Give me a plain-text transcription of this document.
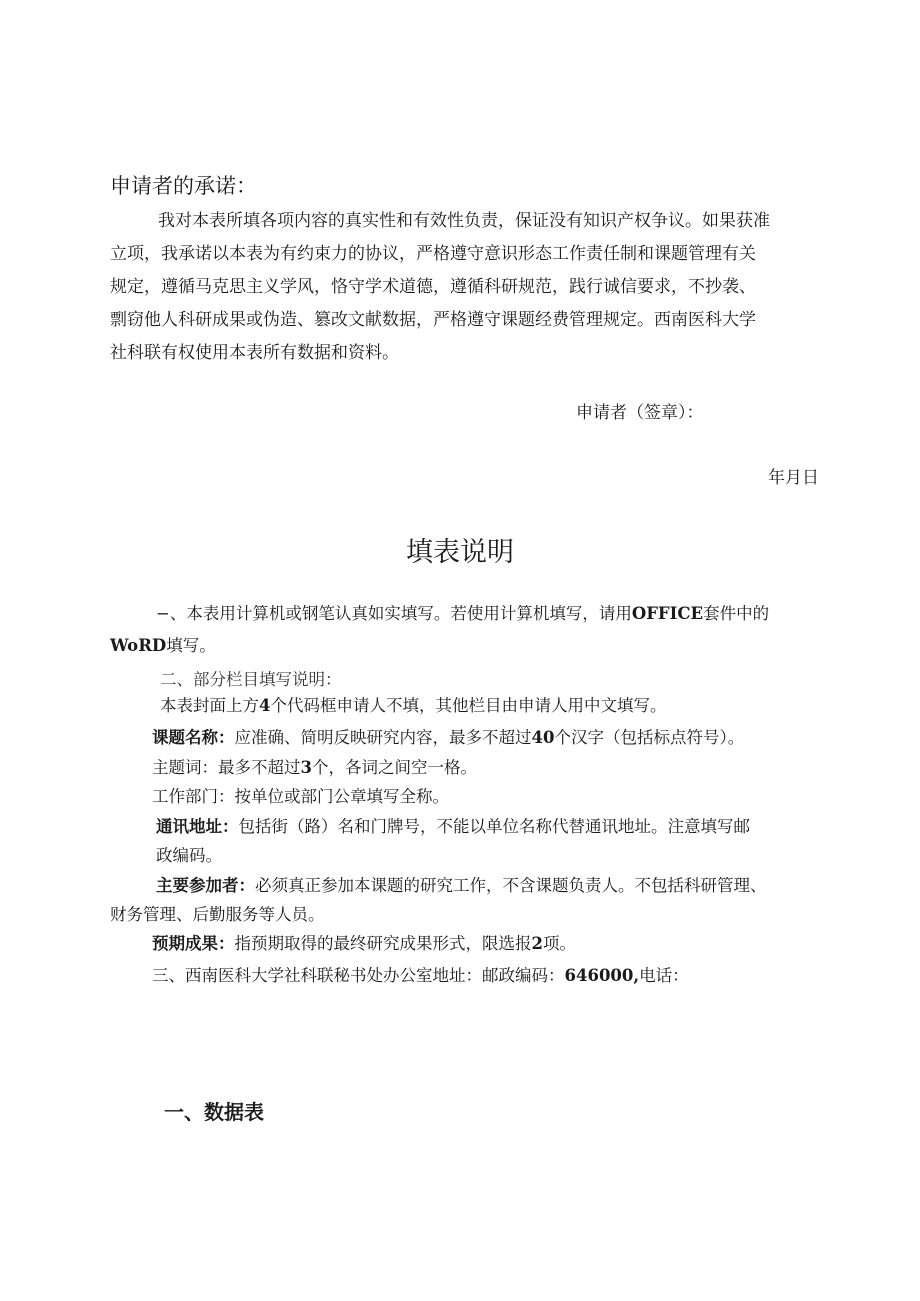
申请者的承诺：
我对本表所填各项内容的真实性和有效性负责，保证没有知识产权争议。如果获准
立项，我承诺以本表为有约束力的协议，严格遵守意识形态工作责任制和课题管理有关
规定，遵循马克思主义学风，恪守学术道德，遵循科研规范，践行诚信要求，不抄袭、
剽窃他人科研成果或伪造、篡改文献数据，严格遵守课题经费管理规定。西南医科大学
社科联有权使用本表所有数据和资料。
申请者（签章）：
年月日
填表说明
−、本表用计算机或钢笔认真如实填写。若使用计算机填写，请用OFFICE套件中的
WoRD填写。
二、部分栏目填写说明：
本表封面上方4个代码框申请人不填，其他栏目由申请人用中文填写。
课题名称：应准确、简明反映研究内容，最多不超过40个汉字（包括标点符号）。
主题词：最多不超过3个，各词之间空一格。
工作部门：按单位或部门公章填写全称。
通讯地址：包括街（路）名和门牌号，不能以单位名称代替通讯地址。注意填写邮
政编码。
主要参加者：必须真正参加本课题的研究工作，不含课题负责人。不包括科研管理、
财务管理、后勤服务等人员。
预期成果：指预期取得的最终研究成果形式，限选报2项。
三、西南医科大学社科联秘书处办公室地址：邮政编码：646000,电话：
一、数据表
